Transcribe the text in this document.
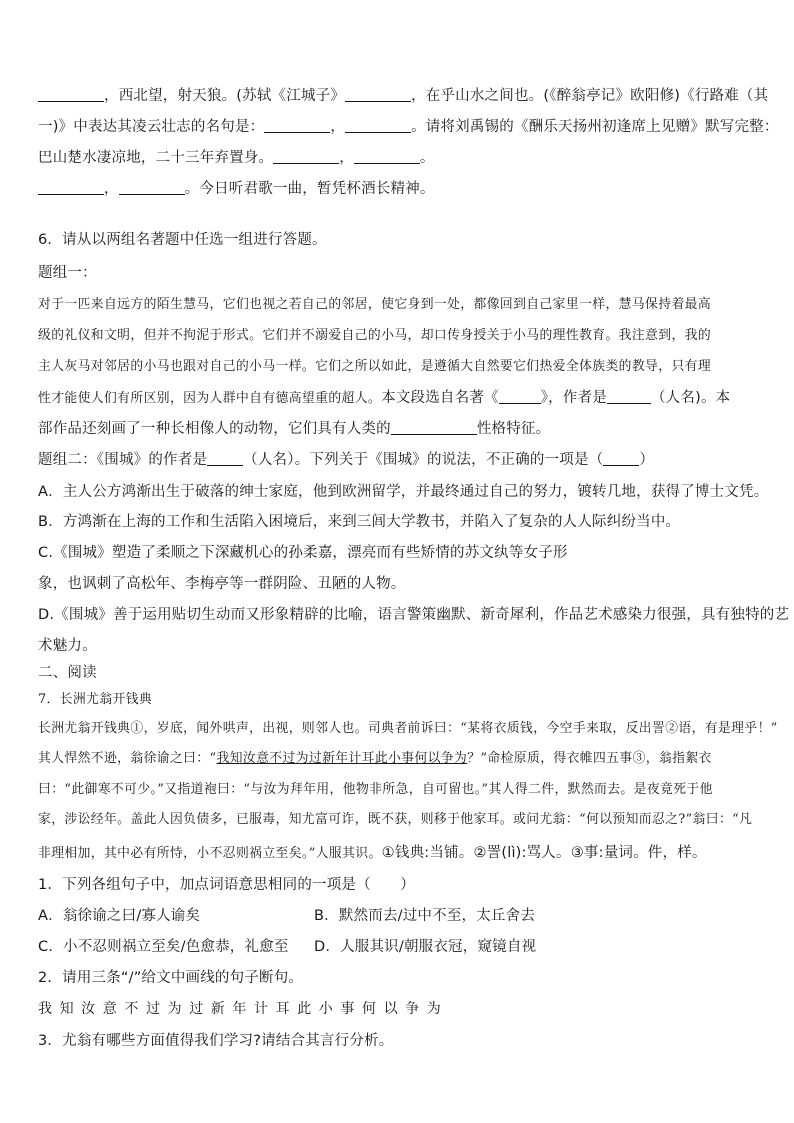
，西北望，射天狼。(苏轼《江城子》	，在乎山水之间也。(《醉翁亭记》欧阳修)《行路难（其
一)》中表达其凌云壮志的名句是：	，	。请将刘禹锡的《酬乐天扬州初逢席上见赠》默写完整：
巴山楚水凄凉地，二十三年弃置身。	，	。
，	。今日听君歌一曲，暂凭杯酒长精神。
6．请从以两组名著题中任选一组进行答题。
题组一：
对于一匹来自远方的陌生慧马，它们也视之若自己的邻居，使它身到一处，都像回到自己家里一样，慧马保持着最高
级的礼仪和文明，但并不拘泥于形式。它们并不溺爱自己的小马，却口传身授关于小马的理性教育。我注意到，我的
主人灰马对邻居的小马也跟对自己的小马一样。它们之所以如此，是遵循大自然要它们热爱全体族类的教导，只有理
性才能使人们有所区别，因为人群中自有德高望重的超人。本文段选自名著《	》，作者是	（人名)。本
部作品还刻画了一种长相像人的动物，它们具有人类的	性格特征。
题组二：《围城》的作者是 （人名）。下列关于《围城》的说法，不正确的一项是（ ）
A．主人公方鸿渐出生于破落的绅士家庭，他到欧洲留学，并最终通过自己的努力，镀转几地，获得了博士文凭。
B．方鸿渐在上海的工作和生活陷入困境后，来到三闾大学教书，并陷入了复杂的人人际纠纷当中。
C.《围城》塑造了柔顺之下深藏机心的孙柔嘉，漂亮而有些矫情的苏文纨等女子形
象，也讽刺了高松年、李梅亭等一群阴险、丑陋的人物。
D.《围城》善于运用贴切生动而又形象精辟的比喻，语言警策幽默、新奇犀利，作品艺术感染力很强，具有独特的艺
术魅力。
二、阅读
7．长洲尤翁开钱典
长洲尤翁开钱典①，岁底，闻外哄声，出视，则邻人也。司典者前诉曰：“某将衣质钱，今空手来取，反出詈②语，有是理乎！”
其人悍然不逊，翁徐谕之曰：“我知汝意不过为过新年计耳此小事何以争为？”命检原质，得衣帷四五事③，翁指絮衣
曰：“此御寒不可少。”又指道袍曰：“与汝为拜年用，他物非所急，自可留也。”其人得二件，默然而去。是夜竟死于他
家，涉讼经年。盖此人因负债多，已服毒，知尤富可诈，既不获，则移于他家耳。或问尤翁：“何以预知而忍之?”翁曰：“凡
非理相加，其中必有所恃，小不忍则祸立至矣。”人服其识。①钱典:当铺。②詈(lì):骂人。③事:量词。件，样。
1．下列各组句子中，加点词语意思相同的一项是（　　）
A．翁徐谕之曰/寡人谕矣	B．默然而去/过中不至，太丘舍去
C．小不忍则祸立至矣/色愈恭，礼愈至 D．人服其识/朝服衣冠，窥镜自视
2．请用三条“/”给文中画线的句子断句。
我知汝意不过为过新年计耳此小事何以争为
3．尤翁有哪些方面值得我们学习?请结合其言行分析。
